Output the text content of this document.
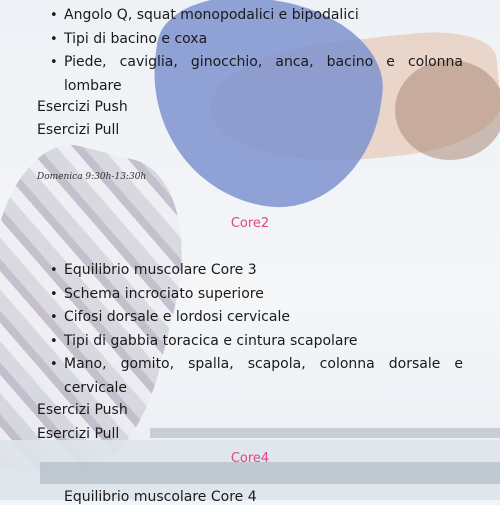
• Angolo Q, squat monopodalici e bipodalici
• Tipi di bacino e coxa
• Piede, caviglia, ginocchio, anca, bacino e colonna lombare
Esercizi Push
Esercizi Pull
Domenica 9:30h-13:30h
Core2
• Equilibrio muscolare Core 3
• Schema incrociato superiore
• Cifosi dorsale e lordosi cervicale
• Tipi di gabbia toracica e cintura scapolare
• Mano, gomito, spalla, scapola, colonna dorsale e cervicale
Esercizi Push
Esercizi Pull
Core4
Equilibrio muscolare Core 4
